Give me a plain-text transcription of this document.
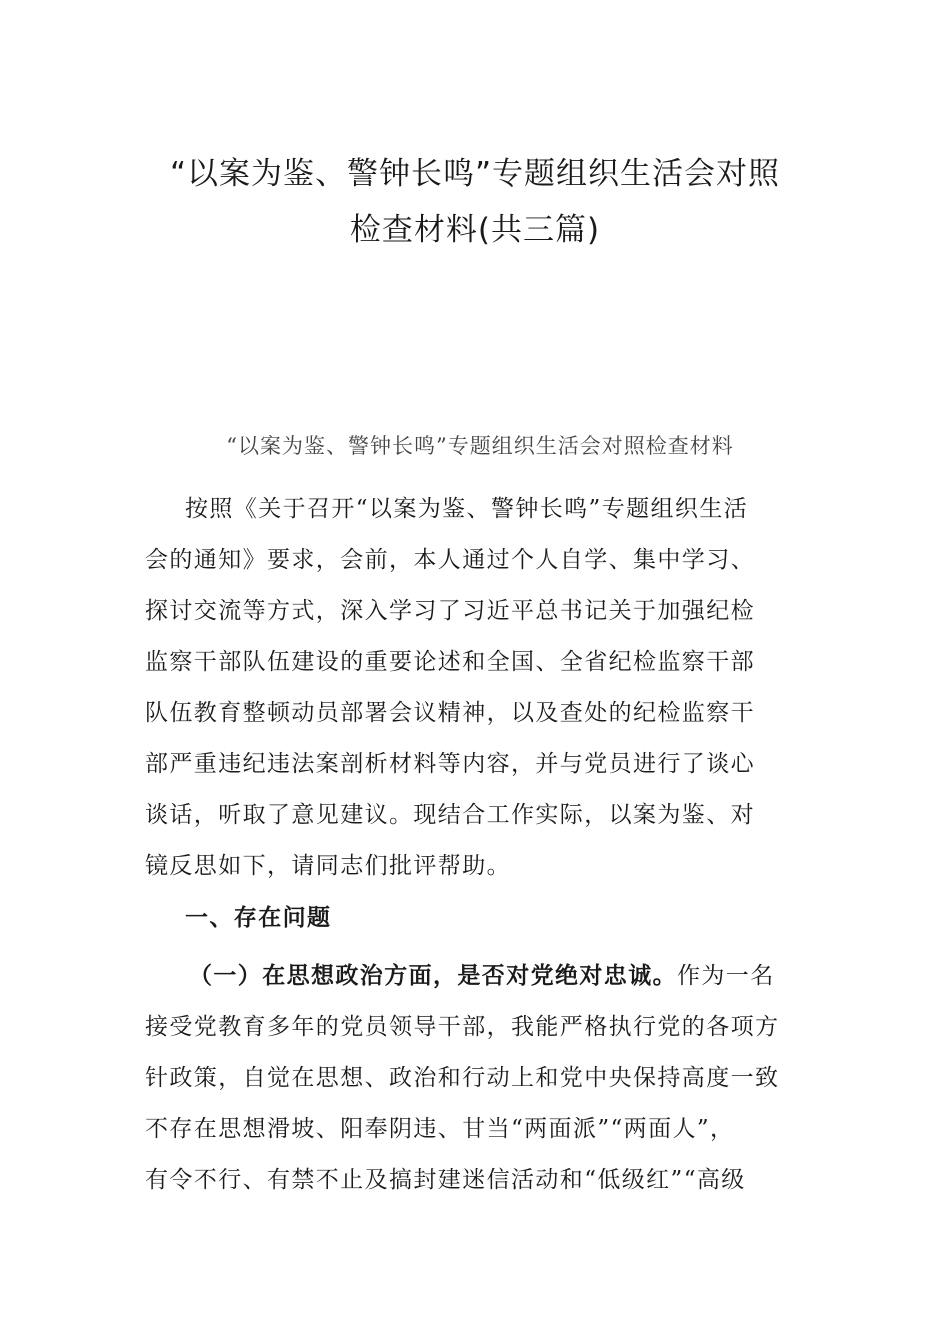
“以案为鉴、警钟长鸣”专题组织生活会对照
检查材料(共三篇)

“以案为鉴、警钟长鸣”专题组织生活会对照检查材料

按照《关于召开“以案为鉴、警钟长鸣”专题组织生活
会的通知》要求，会前，本人通过个人自学、集中学习、
探讨交流等方式，深入学习了习近平总书记关于加强纪检
监察干部队伍建设的重要论述和全国、全省纪检监察干部
队伍教育整顿动员部署会议精神，以及查处的纪检监察干
部严重违纪违法案剖析材料等内容，并与党员进行了谈心
谈话，听取了意见建议。现结合工作实际，以案为鉴、对
镜反思如下，请同志们批评帮助。

一、存在问题

（一）在思想政治方面，是否对党绝对忠诚。作为一名
接受党教育多年的党员领导干部，我能严格执行党的各项方
针政策，自觉在思想、政治和行动上和党中央保持高度一致
不存在思想滑坡、阳奉阴违、甘当“两面派”“两面人”，
有令不行、有禁不止及搞封建迷信活动和“低级红”“高级
